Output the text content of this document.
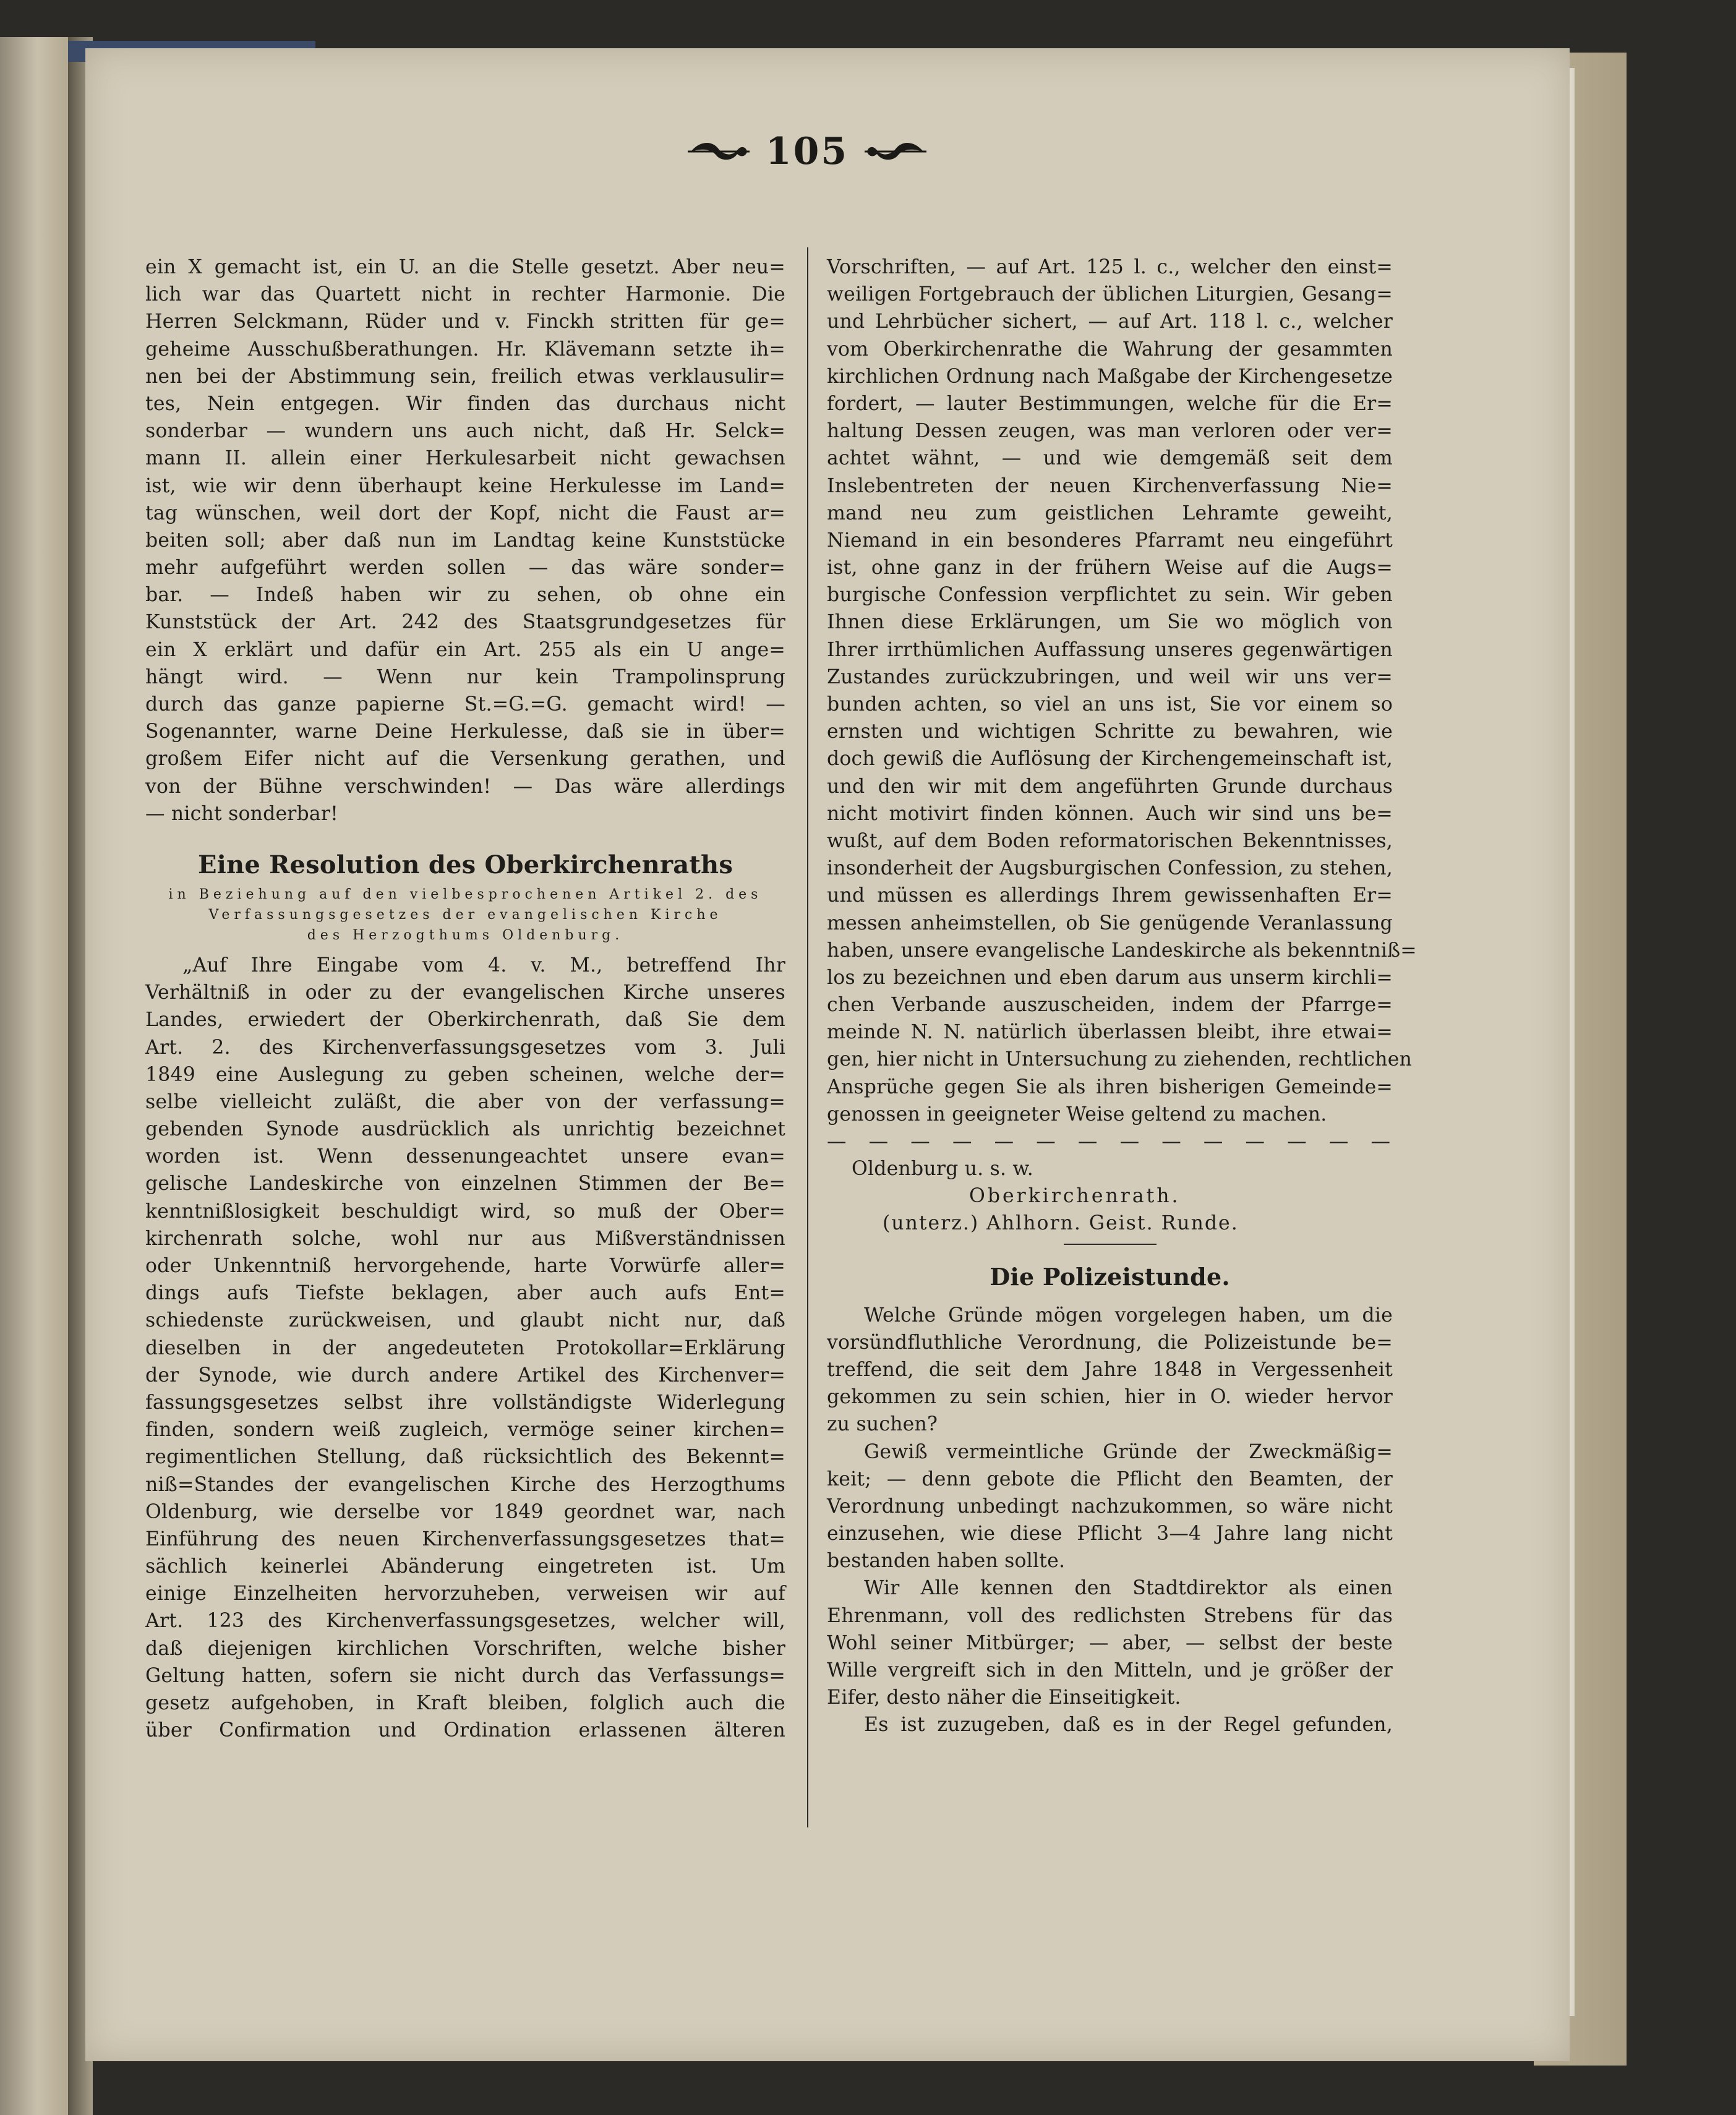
105
ein X gemacht ist, ein U. an die Stelle gesetzt. Aber neu=
lich war das Quartett nicht in rechter Harmonie. Die
Herren Selckmann, Rüder und v. Finckh stritten für ge=
geheime Ausschußberathungen. Hr. Klävemann setzte ih=
nen bei der Abstimmung sein, freilich etwas verklausulir=
tes, Nein entgegen. Wir finden das durchaus nicht
sonderbar — wundern uns auch nicht, daß Hr. Selck=
mann II. allein einer Herkulesarbeit nicht gewachsen
ist, wie wir denn überhaupt keine Herkulesse im Land=
tag wünschen, weil dort der Kopf, nicht die Faust ar=
beiten soll; aber daß nun im Landtag keine Kunststücke
mehr aufgeführt werden sollen — das wäre sonder=
bar. — Indeß haben wir zu sehen, ob ohne ein
Kunststück der Art. 242 des Staatsgrundgesetzes für
ein X erklärt und dafür ein Art. 255 als ein U ange=
hängt wird. — Wenn nur kein Trampolinsprung
durch das ganze papierne St.=G.=G. gemacht wird! —
Sogenannter, warne Deine Herkulesse, daß sie in über=
großem Eifer nicht auf die Versenkung gerathen, und
von der Bühne verschwinden! — Das wäre allerdings
— nicht sonderbar!
Eine Resolution des Oberkirchenraths
in Beziehung auf den vielbesprochenen Artikel 2. des
Verfassungsgesetzes der evangelischen Kirche
des Herzogthums Oldenburg.
„Auf Ihre Eingabe vom 4. v. M., betreffend Ihr
Verhältniß in oder zu der evangelischen Kirche unseres
Landes, erwiedert der Oberkirchenrath, daß Sie dem
Art. 2. des Kirchenverfassungsgesetzes vom 3. Juli
1849 eine Auslegung zu geben scheinen, welche der=
selbe vielleicht zuläßt, die aber von der verfassung=
gebenden Synode ausdrücklich als unrichtig bezeichnet
worden ist. Wenn dessenungeachtet unsere evan=
gelische Landeskirche von einzelnen Stimmen der Be=
kenntnißlosigkeit beschuldigt wird, so muß der Ober=
kirchenrath solche, wohl nur aus Mißverständnissen
oder Unkenntniß hervorgehende, harte Vorwürfe aller=
dings aufs Tiefste beklagen, aber auch aufs Ent=
schiedenste zurückweisen, und glaubt nicht nur, daß
dieselben in der angedeuteten Protokollar=Erklärung
der Synode, wie durch andere Artikel des Kirchenver=
fassungsgesetzes selbst ihre vollständigste Widerlegung
finden, sondern weiß zugleich, vermöge seiner kirchen=
regimentlichen Stellung, daß rücksichtlich des Bekennt=
niß=Standes der evangelischen Kirche des Herzogthums
Oldenburg, wie derselbe vor 1849 geordnet war, nach
Einführung des neuen Kirchenverfassungsgesetzes that=
sächlich keinerlei Abänderung eingetreten ist. Um
einige Einzelheiten hervorzuheben, verweisen wir auf
Art. 123 des Kirchenverfassungsgesetzes, welcher will,
daß diejenigen kirchlichen Vorschriften, welche bisher
Geltung hatten, sofern sie nicht durch das Verfassungs=
gesetz aufgehoben, in Kraft bleiben, folglich auch die
über Confirmation und Ordination erlassenen älteren
Vorschriften, — auf Art. 125 l. c., welcher den einst=
weiligen Fortgebrauch der üblichen Liturgien, Gesang=
und Lehrbücher sichert, — auf Art. 118 l. c., welcher
vom Oberkirchenrathe die Wahrung der gesammten
kirchlichen Ordnung nach Maßgabe der Kirchengesetze
fordert, — lauter Bestimmungen, welche für die Er=
haltung Dessen zeugen, was man verloren oder ver=
achtet wähnt, — und wie demgemäß seit dem
Inslebentreten der neuen Kirchenverfassung Nie=
mand neu zum geistlichen Lehramte geweiht,
Niemand in ein besonderes Pfarramt neu eingeführt
ist, ohne ganz in der frühern Weise auf die Augs=
burgische Confession verpflichtet zu sein. Wir geben
Ihnen diese Erklärungen, um Sie wo möglich von
Ihrer irrthümlichen Auffassung unseres gegenwärtigen
Zustandes zurückzubringen, und weil wir uns ver=
bunden achten, so viel an uns ist, Sie vor einem so
ernsten und wichtigen Schritte zu bewahren, wie
doch gewiß die Auflösung der Kirchengemeinschaft ist,
und den wir mit dem angeführten Grunde durchaus
nicht motivirt finden können. Auch wir sind uns be=
wußt, auf dem Boden reformatorischen Bekenntnisses,
insonderheit der Augsburgischen Confession, zu stehen,
und müssen es allerdings Ihrem gewissenhaften Er=
messen anheimstellen, ob Sie genügende Veranlassung
haben, unsere evangelische Landeskirche als bekenntniß=
los zu bezeichnen und eben darum aus unserm kirchli=
chen Verbande auszuscheiden, indem der Pfarrge=
meinde N. N. natürlich überlassen bleibt, ihre etwai=
gen, hier nicht in Untersuchung zu ziehenden, rechtlichen
Ansprüche gegen Sie als ihren bisherigen Gemeinde=
genossen in geeigneter Weise geltend zu machen.
— — — — — — — — — — — — — —
Oldenburg u. s. w.
Oberkirchenrath.
(unterz.) Ahlhorn. Geist. Runde.
Die Polizeistunde.
Welche Gründe mögen vorgelegen haben, um die
vorsündfluthliche Verordnung, die Polizeistunde be=
treffend, die seit dem Jahre 1848 in Vergessenheit
gekommen zu sein schien, hier in O. wieder hervor
zu suchen?
Gewiß vermeintliche Gründe der Zweckmäßig=
keit; — denn gebote die Pflicht den Beamten, der
Verordnung unbedingt nachzukommen, so wäre nicht
einzusehen, wie diese Pflicht 3—4 Jahre lang nicht
bestanden haben sollte.
Wir Alle kennen den Stadtdirektor als einen
Ehrenmann, voll des redlichsten Strebens für das
Wohl seiner Mitbürger; — aber, — selbst der beste
Wille vergreift sich in den Mitteln, und je größer der
Eifer, desto näher die Einseitigkeit.
Es ist zuzugeben, daß es in der Regel gefunden,
